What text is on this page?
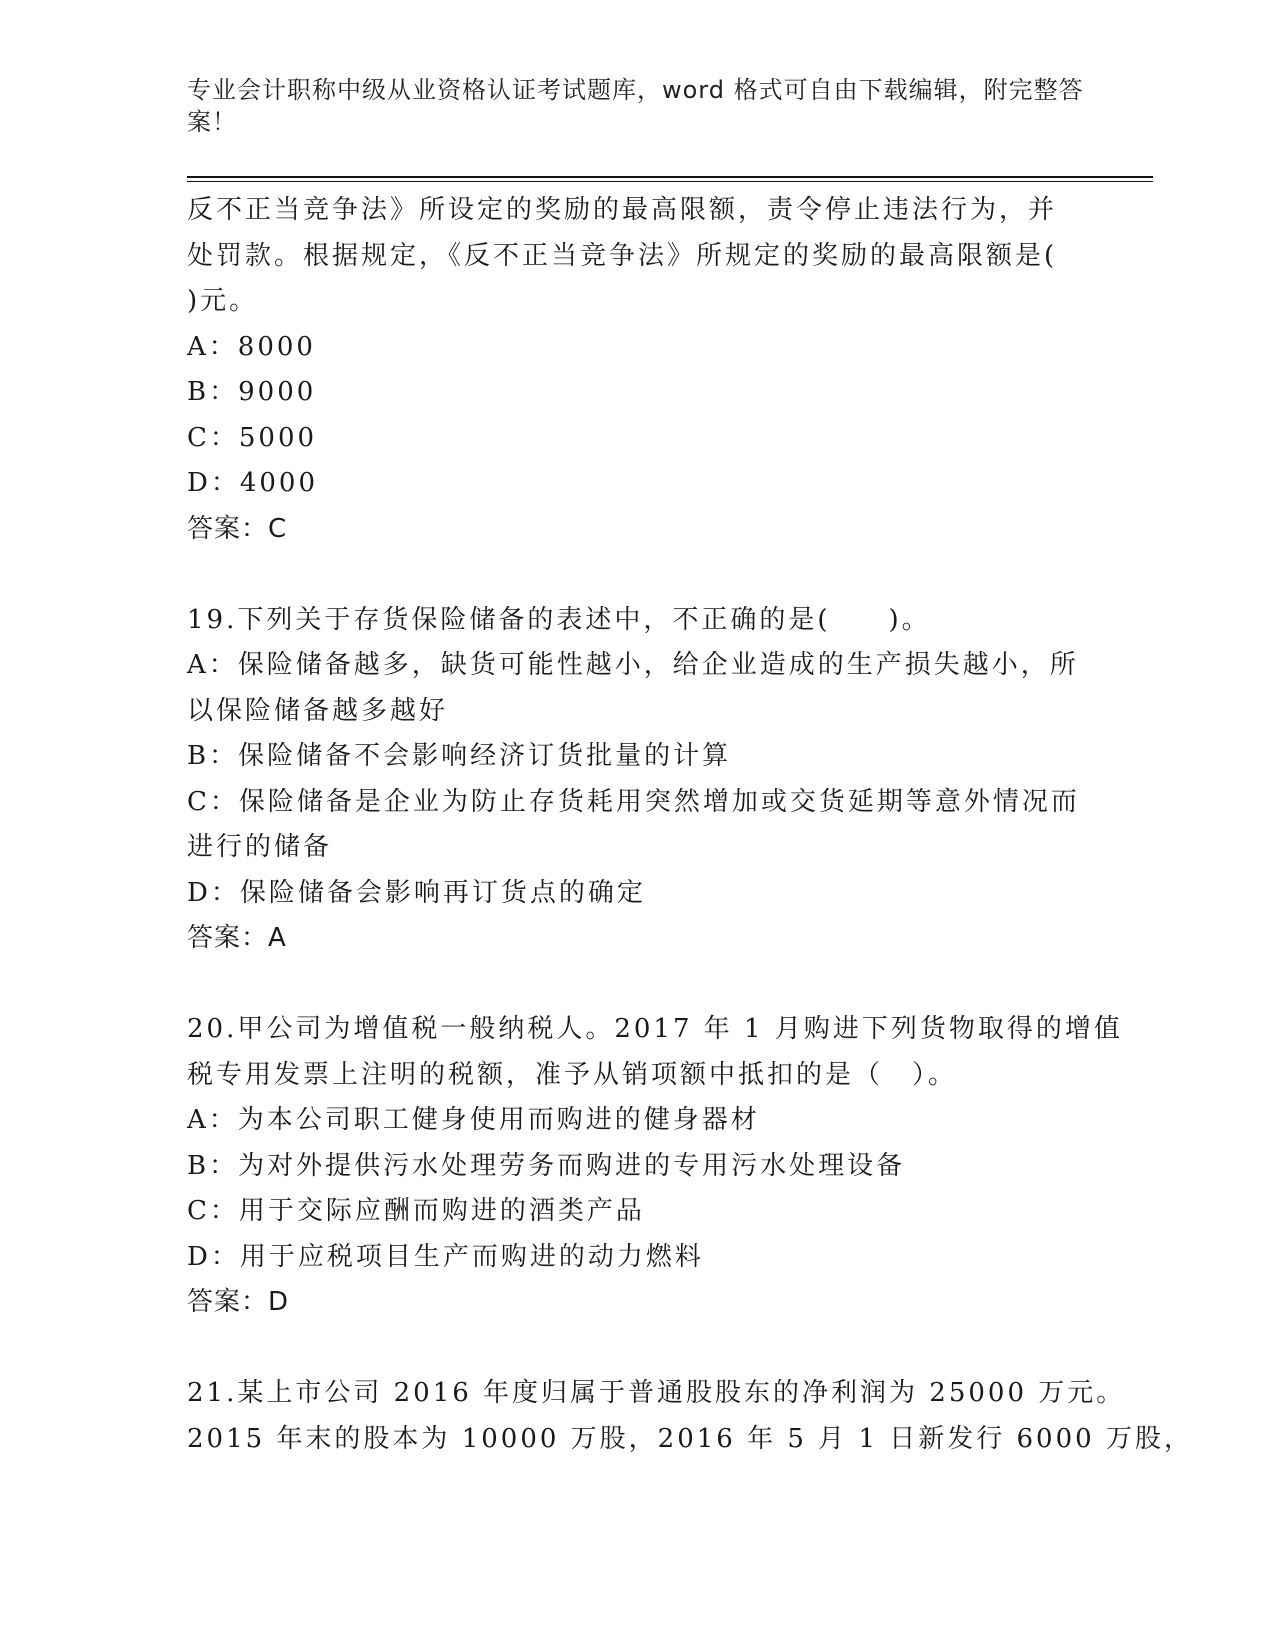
专业会计职称中级从业资格认证考试题库，word 格式可自由下载编辑，附完整答
案！
反不正当竞争法》所设定的奖励的最高限额，责令停止违法行为，并
处罚款。根据规定，《反不正当竞争法》所规定的奖励的最高限额是(
)元。
A：8000
B：9000
C：5000
D：4000
答案：C
19.下列关于存货保险储备的表述中，不正确的是(　　)。
A：保险储备越多，缺货可能性越小，给企业造成的生产损失越小，所
以保险储备越多越好
B：保险储备不会影响经济订货批量的计算
C：保险储备是企业为防止存货耗用突然增加或交货延期等意外情况而
进行的储备
D：保险储备会影响再订货点的确定
答案：A
20.甲公司为增值税一般纳税人。2017 年 1 月购进下列货物取得的增值
税专用发票上注明的税额，准予从销项额中抵扣的是（　）。
A：为本公司职工健身使用而购进的健身器材
B：为对外提供污水处理劳务而购进的专用污水处理设备
C：用于交际应酬而购进的酒类产品
D：用于应税项目生产而购进的动力燃料
答案：D
21.某上市公司 2016 年度归属于普通股股东的净利润为 25000 万元。
2015 年末的股本为 10000 万股，2016 年 5 月 1 日新发行 6000 万股，
